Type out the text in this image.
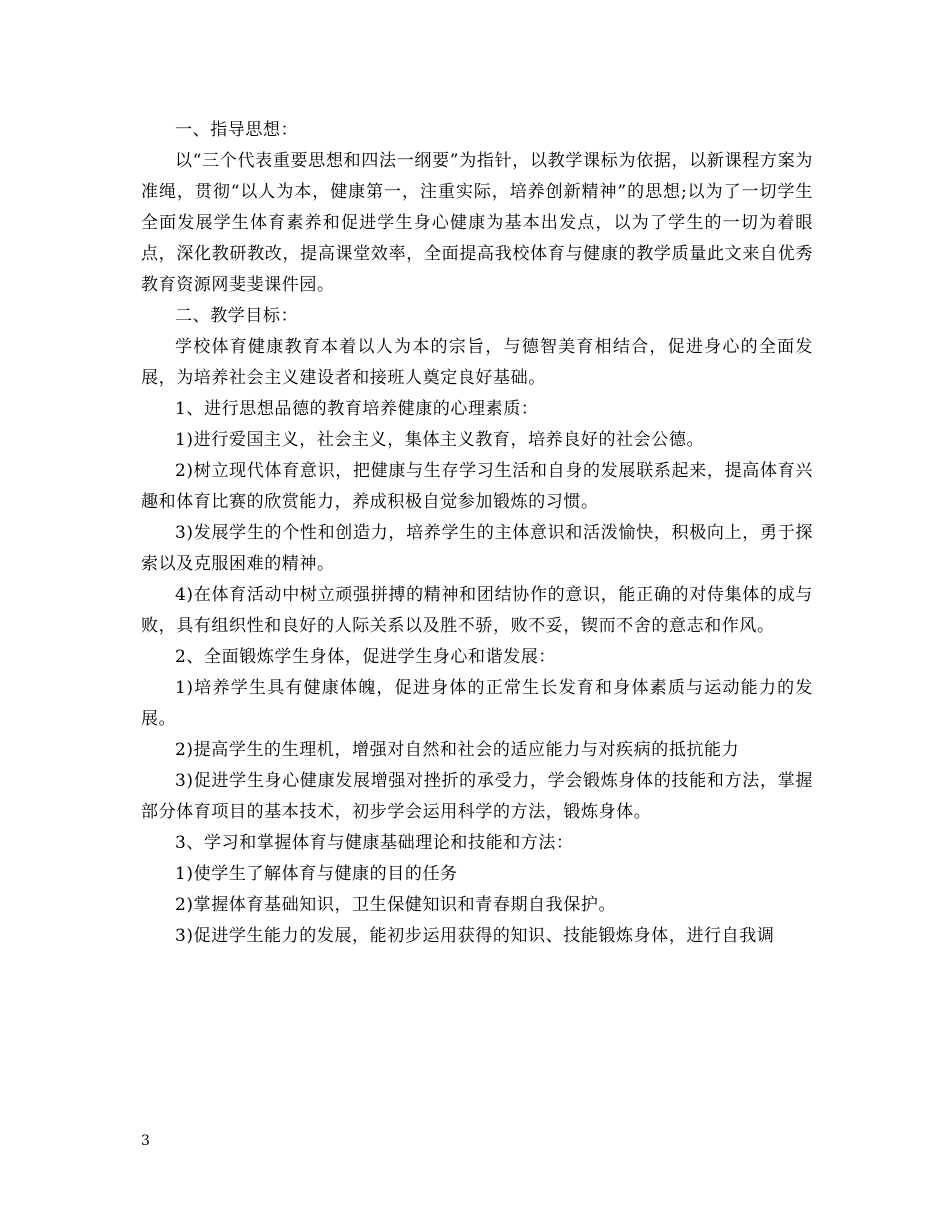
一、指导思想：

以“三个代表重要思想和四法一纲要”为指针，以教学课标为依据，以新课程方案为准绳，贯彻“以人为本，健康第一，注重实际，培养创新精神”的思想;以为了一切学生全面发展学生体育素养和促进学生身心健康为基本出发点，以为了学生的一切为着眼点，深化教研教改，提高课堂效率，全面提高我校体育与健康的教学质量此文来自优秀教育资源网斐斐课件园。

二、教学目标：

学校体育健康教育本着以人为本的宗旨，与德智美育相结合，促进身心的全面发展，为培养社会主义建设者和接班人奠定良好基础。

1、进行思想品德的教育培养健康的心理素质：

1)进行爱国主义，社会主义，集体主义教育，培养良好的社会公德。

2)树立现代体育意识，把健康与生存学习生活和自身的发展联系起来，提高体育兴趣和体育比赛的欣赏能力，养成积极自觉参加锻炼的习惯。

3)发展学生的个性和创造力，培养学生的主体意识和活泼愉快，积极向上，勇于探索以及克服困难的精神。

4)在体育活动中树立顽强拼搏的精神和团结协作的意识，能正确的对侍集体的成与败，具有组织性和良好的人际关系以及胜不骄，败不妥，锲而不舍的意志和作风。

2、全面锻炼学生身体，促进学生身心和谐发展：

1)培养学生具有健康体魄，促进身体的正常生长发育和身体素质与运动能力的发展。

2)提高学生的生理机，增强对自然和社会的适应能力与对疾病的抵抗能力

3)促进学生身心健康发展增强对挫折的承受力，学会锻炼身体的技能和方法，掌握部分体育项目的基本技术，初步学会运用科学的方法，锻炼身体。

3、学习和掌握体育与健康基础理论和技能和方法：

1)使学生了解体育与健康的目的任务

2)掌握体育基础知识，卫生保健知识和青春期自我保护。

3)促进学生能力的发展，能初步运用获得的知识、技能锻炼身体，进行自我调

3
